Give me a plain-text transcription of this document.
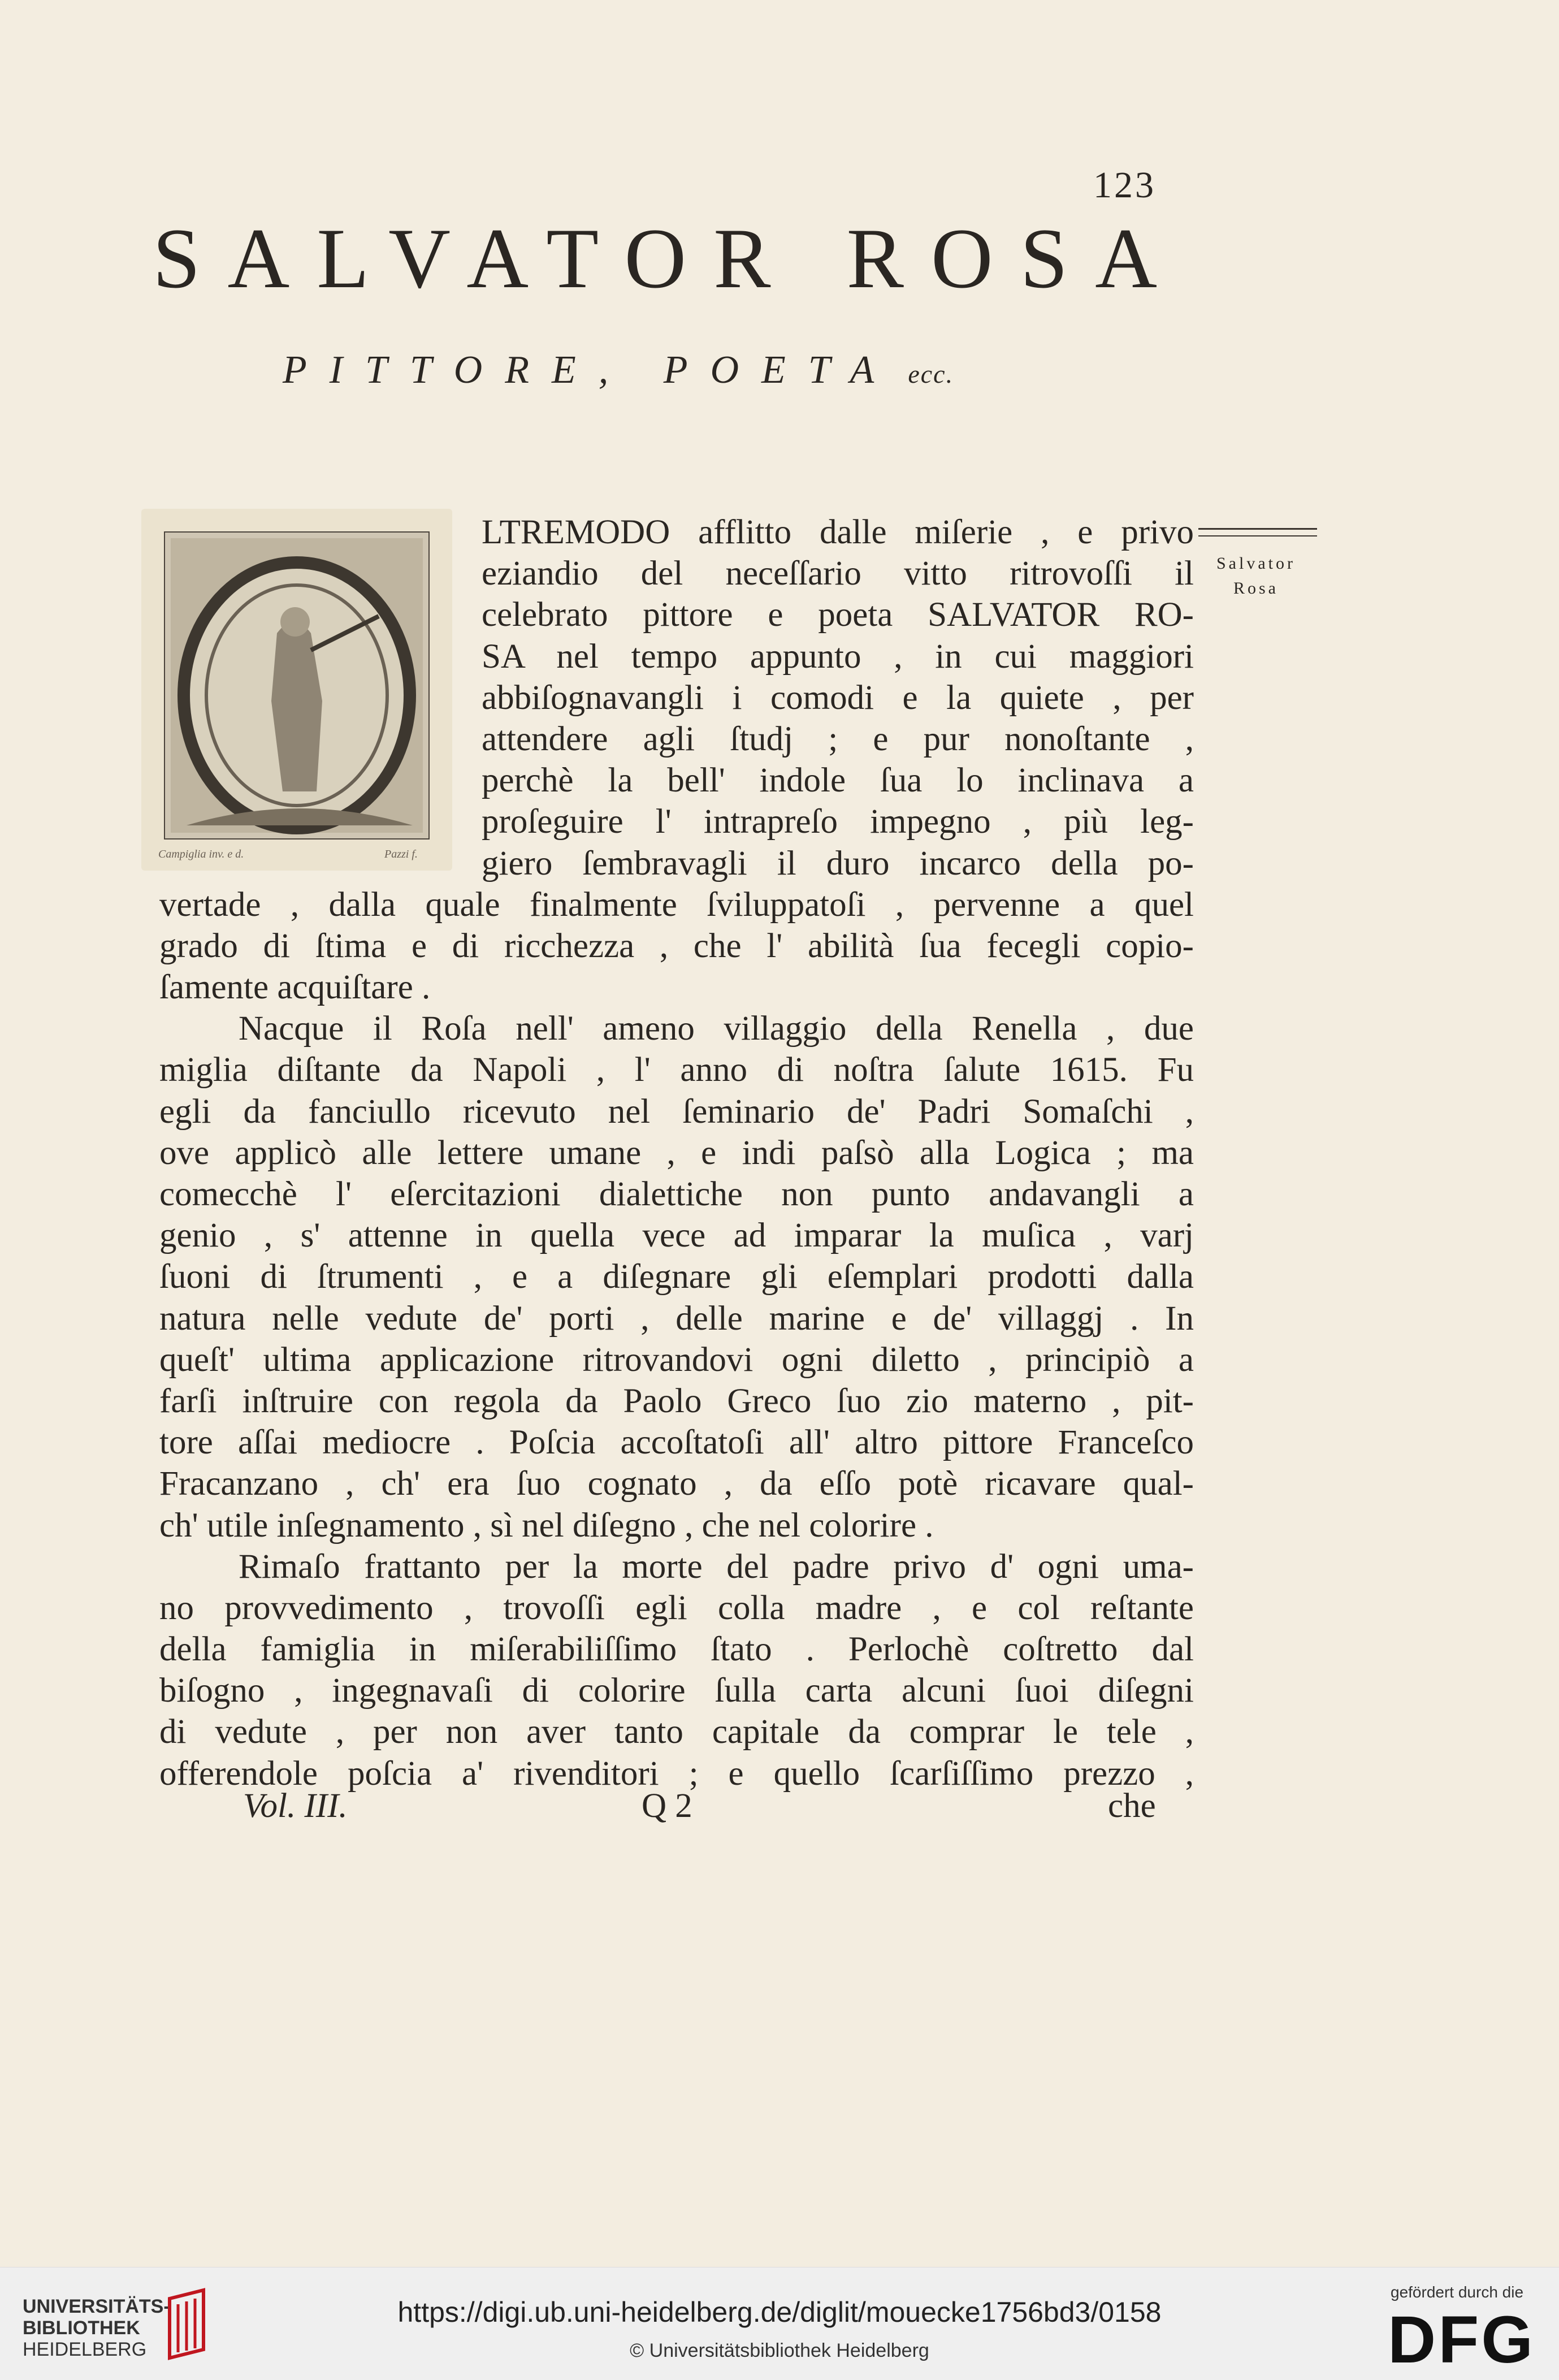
123
SALVATOR ROSA
PITTORE, POETA ecc.
Campiglia inv. e d.	Pazzi f.
Salvator
Rosa
LTREMODO afflitto dalle miſerie , e privo
eziandio del neceſſario vitto ritrovoſſi il
celebrato pittore e poeta SALVATOR RO-
SA nel tempo appunto , in cui maggiori
abbiſognavangli i comodi e la quiete , per
attendere agli ſtudj ; e pur nonoſtante ,
perchè la bell' indole ſua lo inclinava a
proſeguire l' intrapreſo impegno , più leg-
giero ſembravagli il duro incarco della po-
vertade , dalla quale finalmente ſviluppatoſi , pervenne a quel
grado di ſtima e di ricchezza , che l' abilità ſua fecegli copio-
ſamente acquiſtare .
Nacque il Roſa nell' ameno villaggio della Renella , due
miglia diſtante da Napoli , l' anno di noſtra ſalute 1615. Fu
egli da fanciullo ricevuto nel ſeminario de' Padri Somaſchi ,
ove applicò alle lettere umane , e indi paſsò alla Logica ; ma
comecchè l' eſercitazioni dialettiche non punto andavangli a
genio , s' attenne in quella vece ad imparar la muſica , varj
ſuoni di ſtrumenti , e a diſegnare gli eſemplari prodotti dalla
natura nelle vedute de' porti , delle marine e de' villaggj . In
queſt' ultima applicazione ritrovandovi ogni diletto , principiò a
farſi inſtruire con regola da Paolo Greco ſuo zio materno , pit-
tore aſſai mediocre . Poſcia accoſtatoſi all' altro pittore Franceſco
Fracanzano , ch' era ſuo cognato , da eſſo potè ricavare qual-
ch' utile inſegnamento , sì nel diſegno , che nel colorire .
Rimaſo frattanto per la morte del padre privo d' ogni uma-
no provvedimento , trovoſſi egli colla madre , e col reſtante
della famiglia in miſerabiliſſimo ſtato . Perlochè coſtretto dal
biſogno , ingegnavaſi di colorire ſulla carta alcuni ſuoi diſegni
di vedute , per non aver tanto capitale da comprar le tele ,
offerendole poſcia a' rivenditori ; e quello ſcarſiſſimo prezzo ,
Vol. III.	Q 2	che
UNIVERSITÄTS-
BIBLIOTHEK
HEIDELBERG
https://digi.ub.uni-heidelberg.de/diglit/mouecke1756bd3/0158
© Universitätsbibliothek Heidelberg
gefördert durch die
DFG
